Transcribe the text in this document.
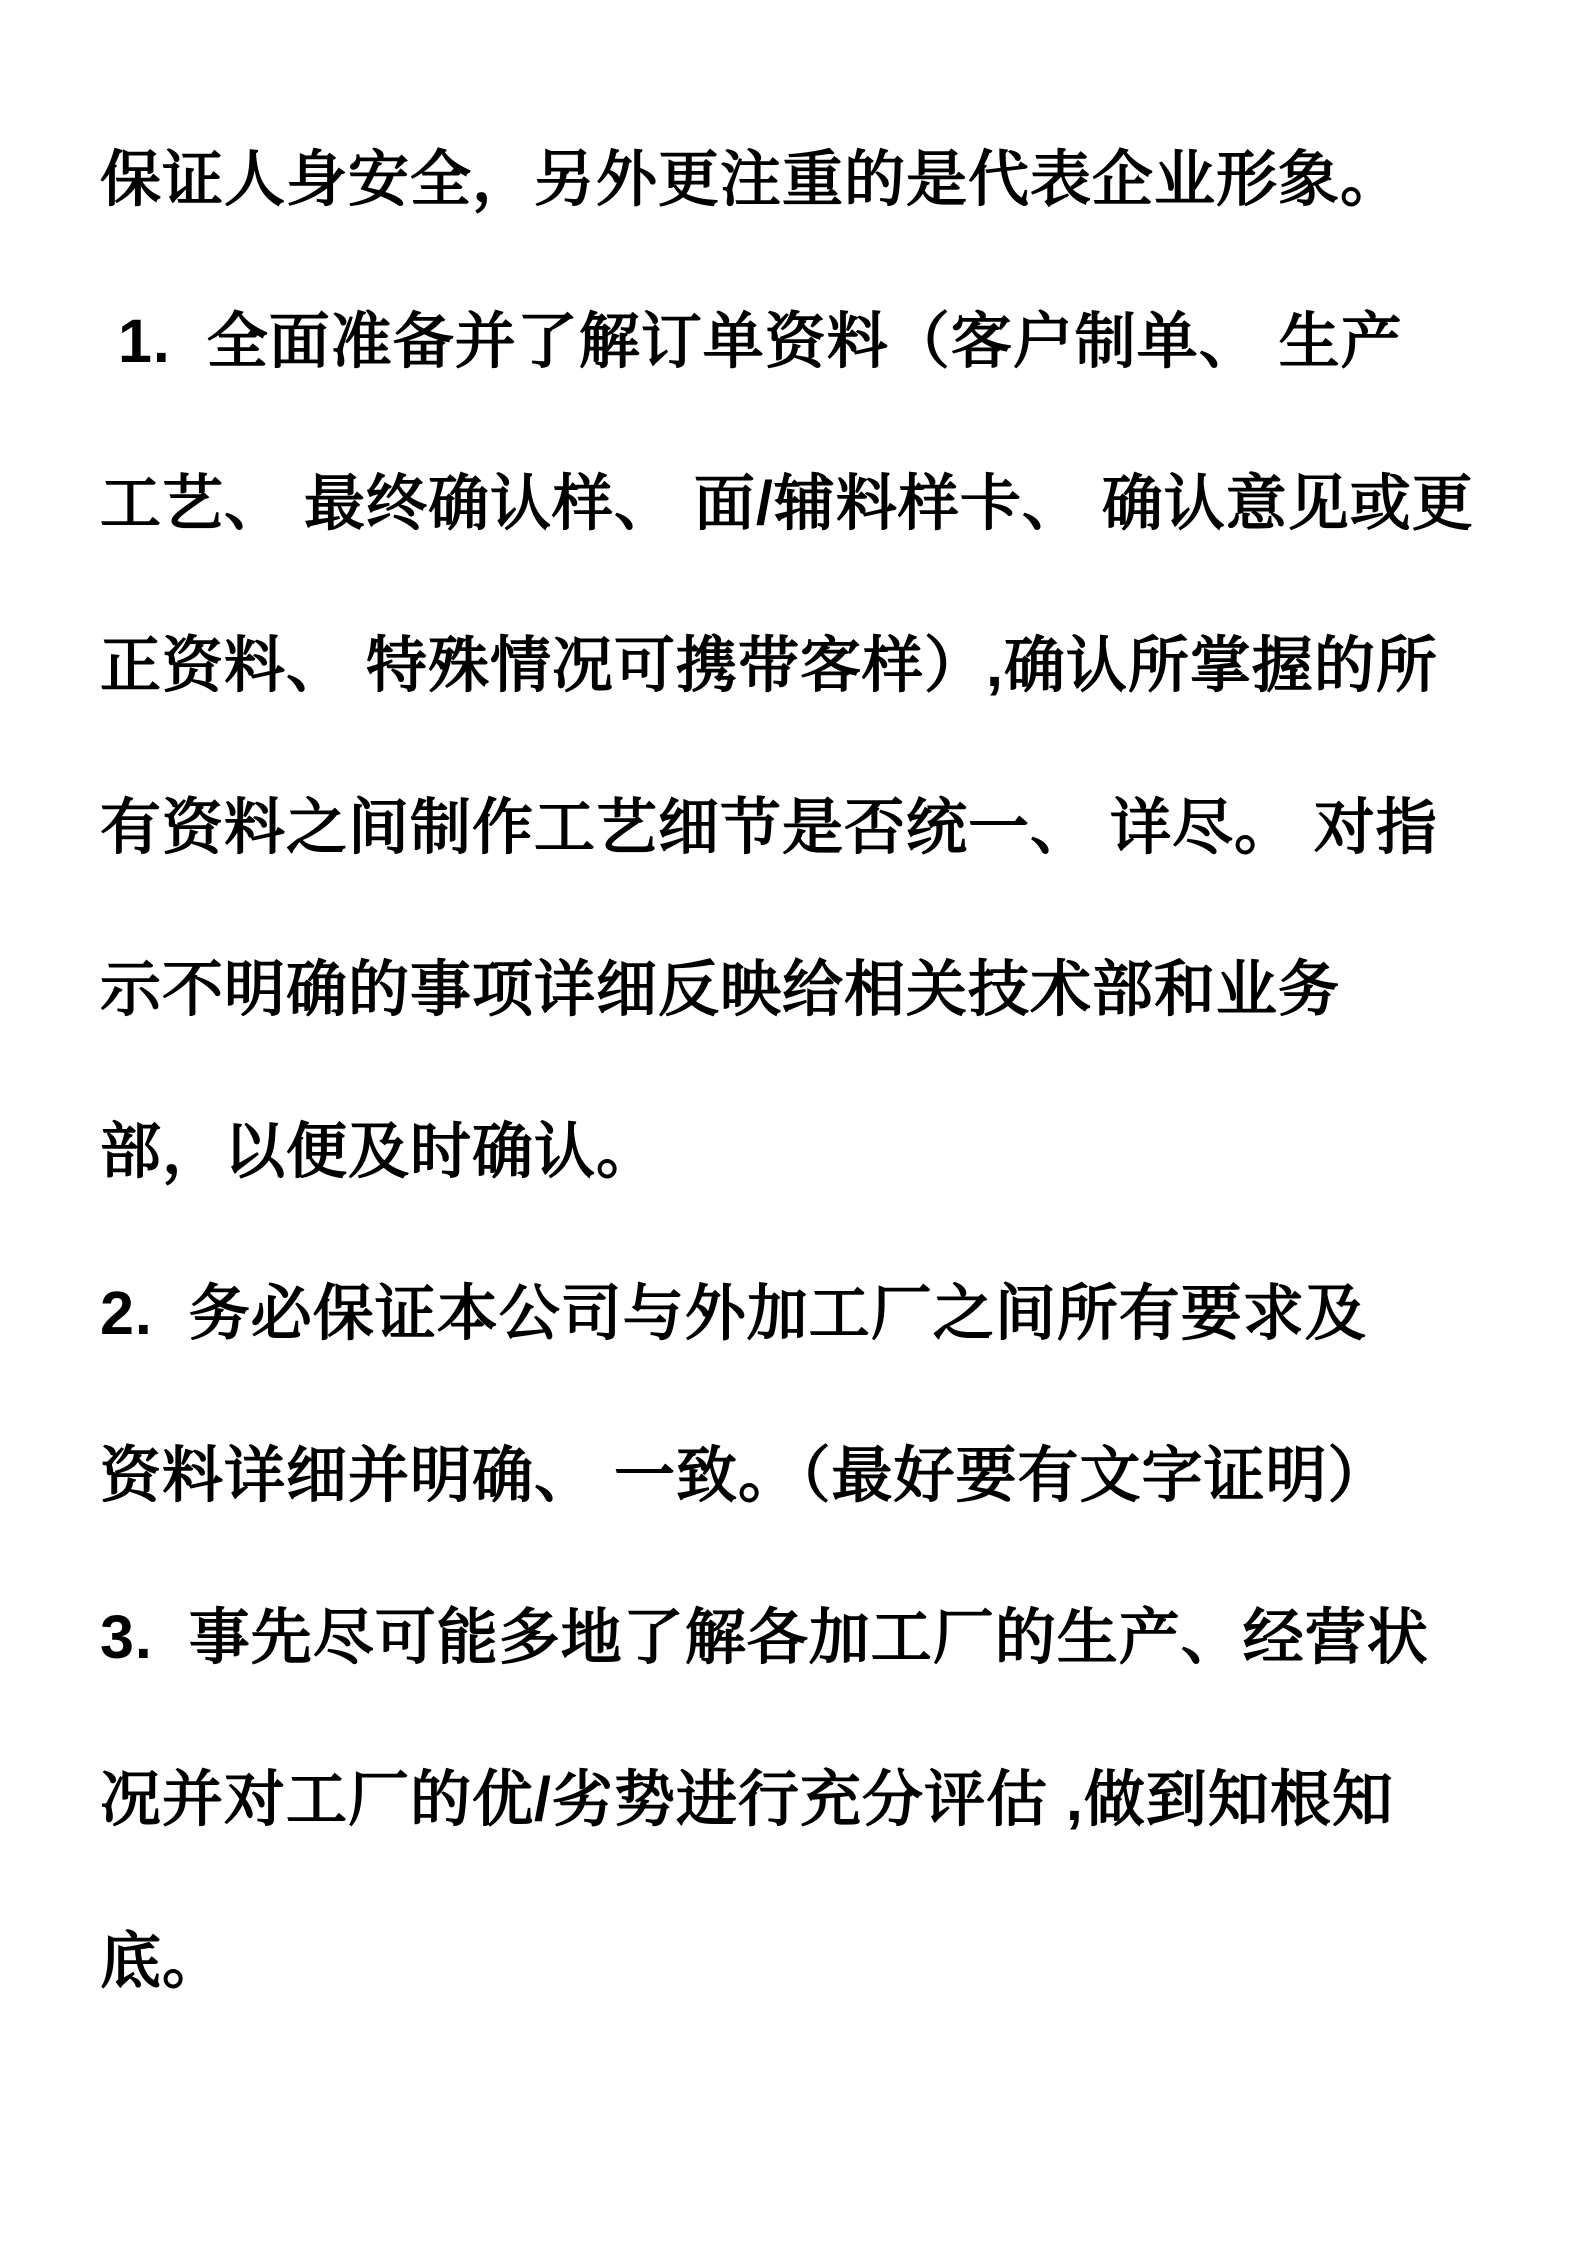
保证人身安全，另外更注重的是代表企业形象。
1.  全面准备并了解订单资料（客户制单、 生产
工艺、 最终确认样、 面/辅料样卡、 确认意见或更
正资料、 特殊情况可携带客样）,确认所掌握的所
有资料之间制作工艺细节是否统一、 详尽。 对指
示不明确的事项详细反映给相关技术部和业务
部，以便及时确认。
2.  务必保证本公司与外加工厂之间所有要求及
资料详细并明确、 一致。（最好要有文字证明）
3.  事先尽可能多地了解各加工厂的生产、经营状
况并对工厂的优/劣势进行充分评估 ,做到知根知
底。
